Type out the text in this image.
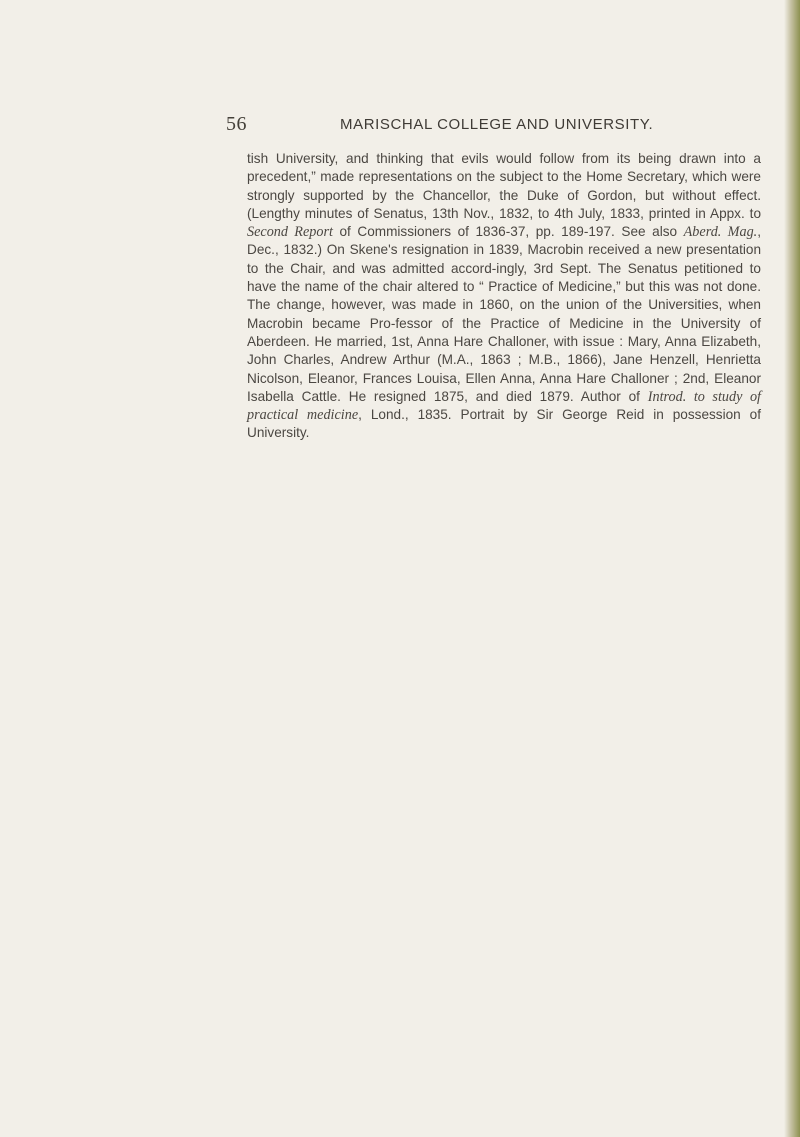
56	MARISCHAL COLLEGE AND UNIVERSITY.

tish University, and thinking that evils would follow from its being drawn into a precedent,” made representations on the subject to the Home Secretary, which were strongly supported by the Chancellor, the Duke of Gordon, but without effect. (Lengthy minutes of Senatus, 13th Nov., 1832, to 4th July, 1833, printed in Appx. to Second Report of Commissioners of 1836-37, pp. 189-197. See also Aberd. Mag., Dec., 1832.) On Skene's resignation in 1839, Macrobin received a new presentation to the Chair, and was admitted accord-ingly, 3rd Sept. The Senatus petitioned to have the name of the chair altered to “ Practice of Medicine,” but this was not done. The change, however, was made in 1860, on the union of the Universities, when Macrobin became Pro-fessor of the Practice of Medicine in the University of Aberdeen. He married, 1st, Anna Hare Challoner, with issue : Mary, Anna Elizabeth, John Charles, Andrew Arthur (M.A., 1863 ; M.B., 1866), Jane Henzell, Henrietta Nicolson, Eleanor, Frances Louisa, Ellen Anna, Anna Hare Challoner ; 2nd, Eleanor Isabella Cattle. He resigned 1875, and died 1879. Author of Introd. to study of practical medicine, Lond., 1835. Portrait by Sir George Reid in possession of University.
